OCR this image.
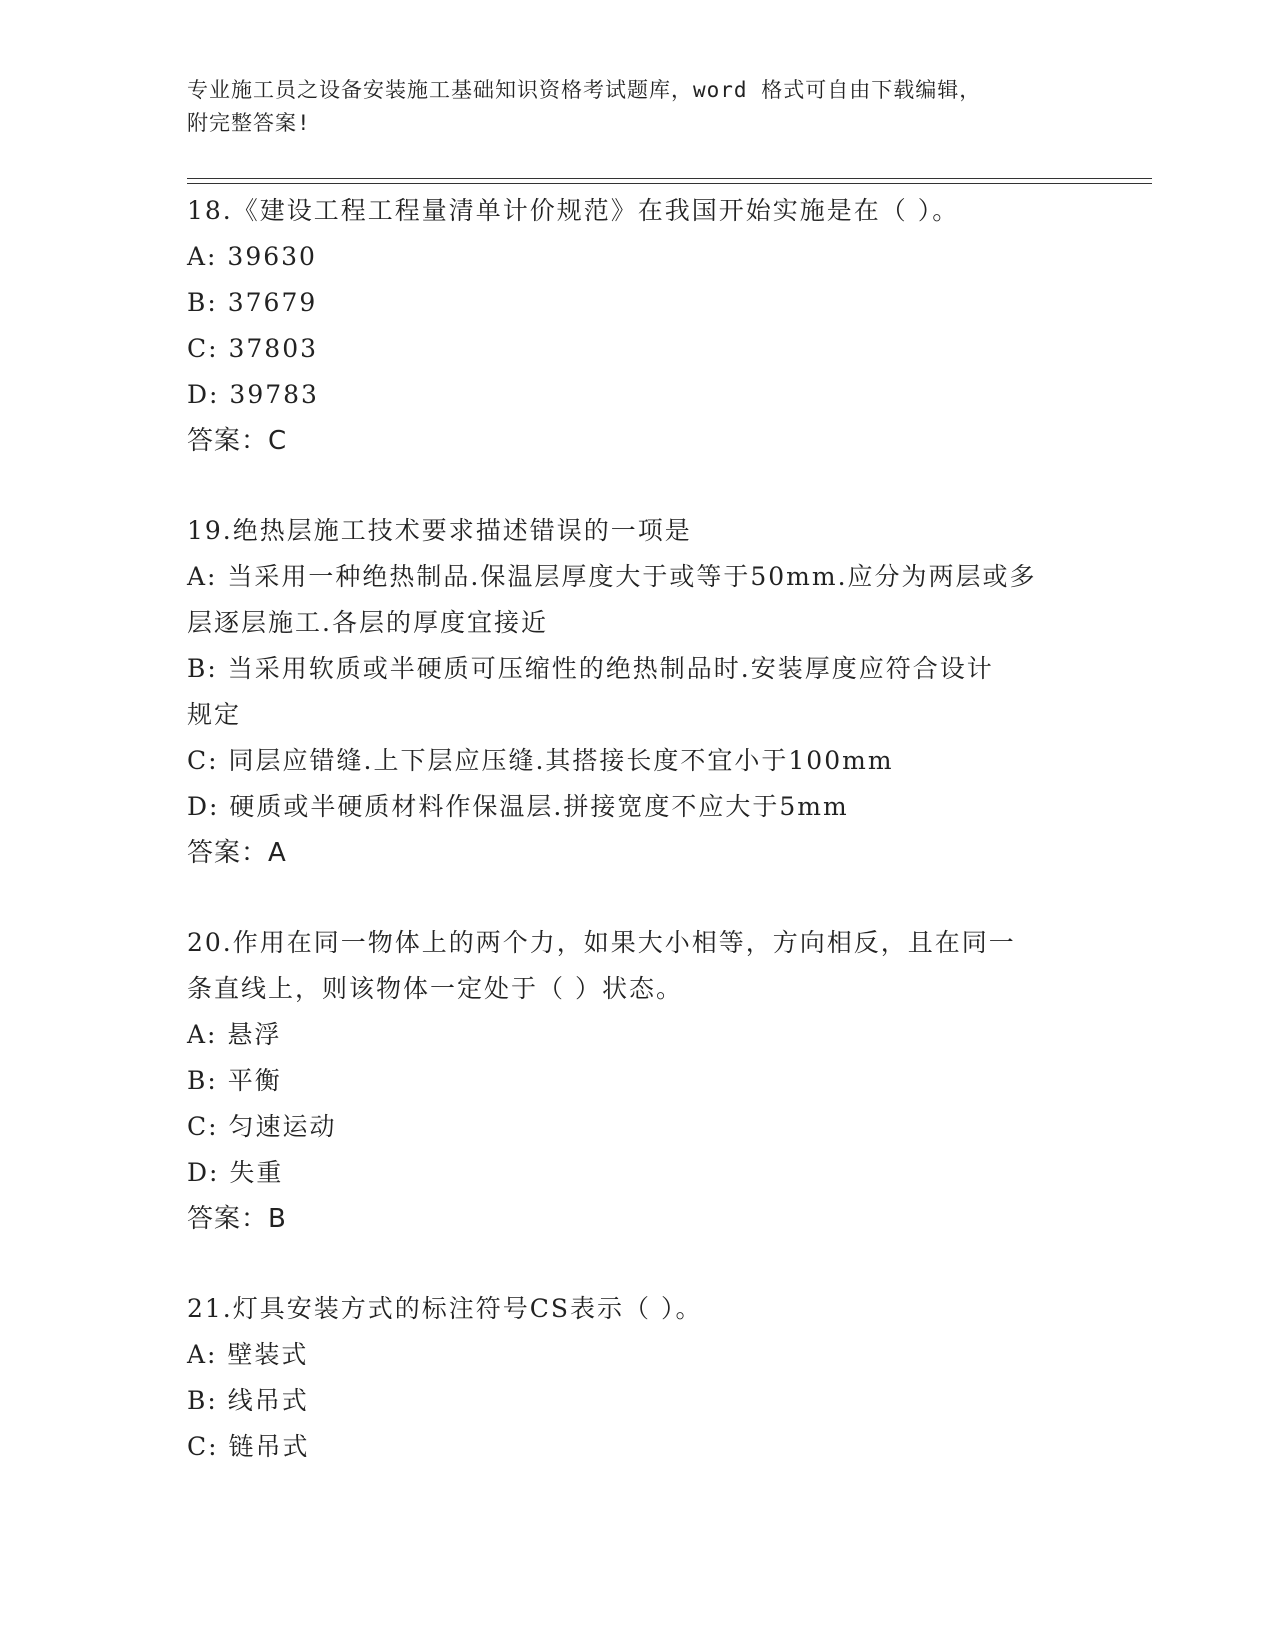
专业施工员之设备安装施工基础知识资格考试题库，word 格式可自由下载编辑，
附完整答案!
18.《建设工程工程量清单计价规范》在我国开始实施是在（ ）。
A: 39630
B: 37679
C: 37803
D: 39783
答案：C
19.绝热层施工技术要求描述错误的一项是
A: 当采用一种绝热制品.保温层厚度大于或等于50mm.应分为两层或多
层逐层施工.各层的厚度宜接近
B: 当采用软质或半硬质可压缩性的绝热制品时.安装厚度应符合设计
规定
C: 同层应错缝.上下层应压缝.其搭接长度不宜小于100mm
D: 硬质或半硬质材料作保温层.拼接宽度不应大于5mm
答案：A
20.作用在同一物体上的两个力，如果大小相等，方向相反，且在同一
条直线上，则该物体一定处于（ ）状态。
A: 悬浮
B: 平衡
C: 匀速运动
D: 失重
答案：B
21.灯具安装方式的标注符号CS表示（ ）。
A: 壁装式
B: 线吊式
C: 链吊式
